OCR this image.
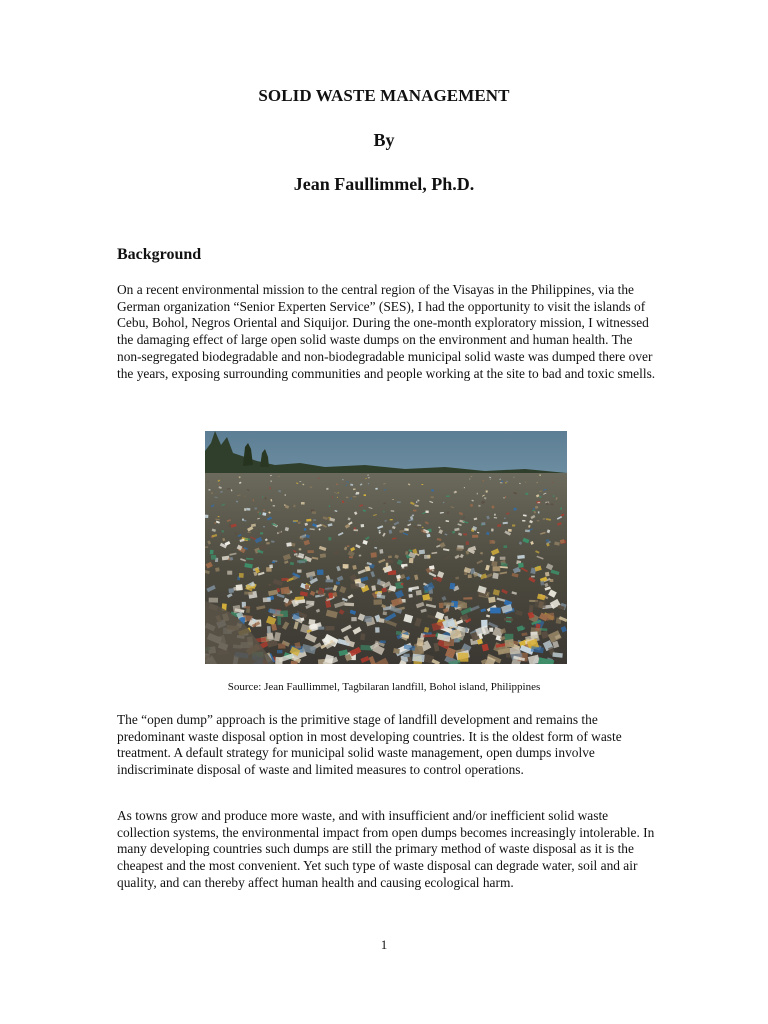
SOLID WASTE MANAGEMENT
By
Jean Faullimmel, Ph.D.
Background

On a recent environmental mission to the central region of the Visayas in the Philippines, via the German organization “Senior Experten Service” (SES), I had the opportunity to visit the islands of Cebu, Bohol, Negros Oriental and Siquijor. During the one-month exploratory mission, I witnessed the damaging effect of large open solid waste dumps on the environment and human health. The non-segregated biodegradable and non-biodegradable municipal solid waste was dumped there over the years, exposing surrounding communities and people working at the site to bad and toxic smells.

Source: Jean Faullimmel, Tagbilaran landfill, Bohol island, Philippines

The “open dump” approach is the primitive stage of landfill development and remains the predominant waste disposal option in most developing countries. It is the oldest form of waste treatment. A default strategy for municipal solid waste management, open dumps involve indiscriminate disposal of waste and limited measures to control operations.

As towns grow and produce more waste, and with insufficient and/or inefficient solid waste collection systems, the environmental impact from open dumps becomes increasingly intolerable. In many developing countries such dumps are still the primary method of waste disposal as it is the cheapest and the most convenient. Yet such type of waste disposal can degrade water, soil and air quality, and can thereby affect human health and causing ecological harm.

1
